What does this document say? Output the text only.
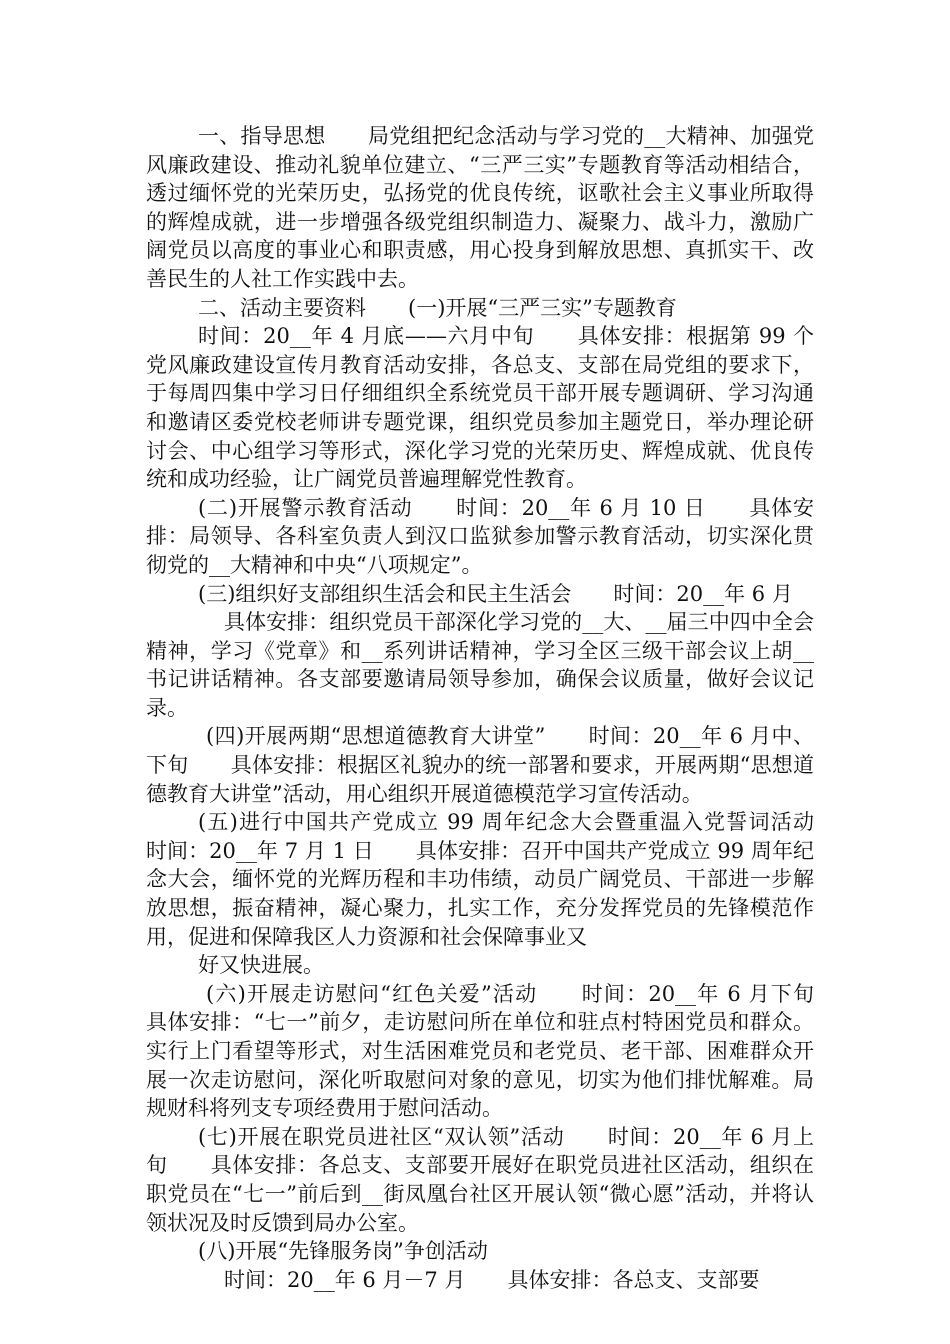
一、指导思想　　局党组把纪念活动与学习党的__大精神、加强党风廉政建设、推动礼貌单位建立、“三严三实”专题教育等活动相结合，透过缅怀党的光荣历史，弘扬党的优良传统，讴歌社会主义事业所取得的辉煌成就，进一步增强各级党组织制造力、凝聚力、战斗力，激励广阔党员以高度的事业心和职责感，用心投身到解放思想、真抓实干、改善民生的人社工作实践中去。

二、活动主要资料　　(一)开展“三严三实”专题教育

时间：20__年 4 月底——六月中旬　　具体安排：根据第 99 个党风廉政建设宣传月教育活动安排，各总支、支部在局党组的要求下，于每周四集中学习日仔细组织全系统党员干部开展专题调研、学习沟通和邀请区委党校老师讲专题党课，组织党员参加主题党日，举办理论研讨会、中心组学习等形式，深化学习党的光荣历史、辉煌成就、优良传统和成功经验，让广阔党员普遍理解党性教育。

(二)开展警示教育活动　　时间：20__年 6 月 10 日　　具体安排：局领导、各科室负责人到汉口监狱参加警示教育活动，切实深化贯彻党的__大精神和中央“八项规定”。

(三)组织好支部组织生活会和民主生活会　　时间：20__年 6 月

具体安排：组织党员干部深化学习党的__大、__届三中四中全会精神，学习《党章》和__系列讲话精神，学习全区三级干部会议上胡__书记讲话精神。各支部要邀请局领导参加，确保会议质量，做好会议记录。

(四)开展两期“思想道德教育大讲堂”　　时间：20__年 6 月中、下旬　　具体安排：根据区礼貌办的统一部署和要求，开展两期“思想道德教育大讲堂”活动，用心组织开展道德模范学习宣传活动。

(五)进行中国共产党成立 99 周年纪念大会暨重温入党誓词活动　　时间：20__年 7 月 1 日　　具体安排：召开中国共产党成立 99 周年纪念大会，缅怀党的光辉历程和丰功伟绩，动员广阔党员、干部进一步解放思想，振奋精神，凝心聚力，扎实工作，充分发挥党员的先锋模范作用，促进和保障我区人力资源和社会保障事业又

好又快进展。

(六)开展走访慰问“红色关爱”活动　　时间：20__年 6 月下旬　　具体安排：“七一”前夕，走访慰问所在单位和驻点村特困党员和群众。实行上门看望等形式，对生活困难党员和老党员、老干部、困难群众开展一次走访慰问，深化听取慰问对象的意见，切实为他们排忧解难。局规财科将列支专项经费用于慰问活动。

(七)开展在职党员进社区“双认领”活动　　时间：20__年 6 月上旬　　具体安排：各总支、支部要开展好在职党员进社区活动，组织在职党员在“七一”前后到__街凤凰台社区开展认领“微心愿”活动，并将认领状况及时反馈到局办公室。

(八)开展“先锋服务岗”争创活动

时间：20__年 6 月－7 月　　具体安排：各总支、支部要
